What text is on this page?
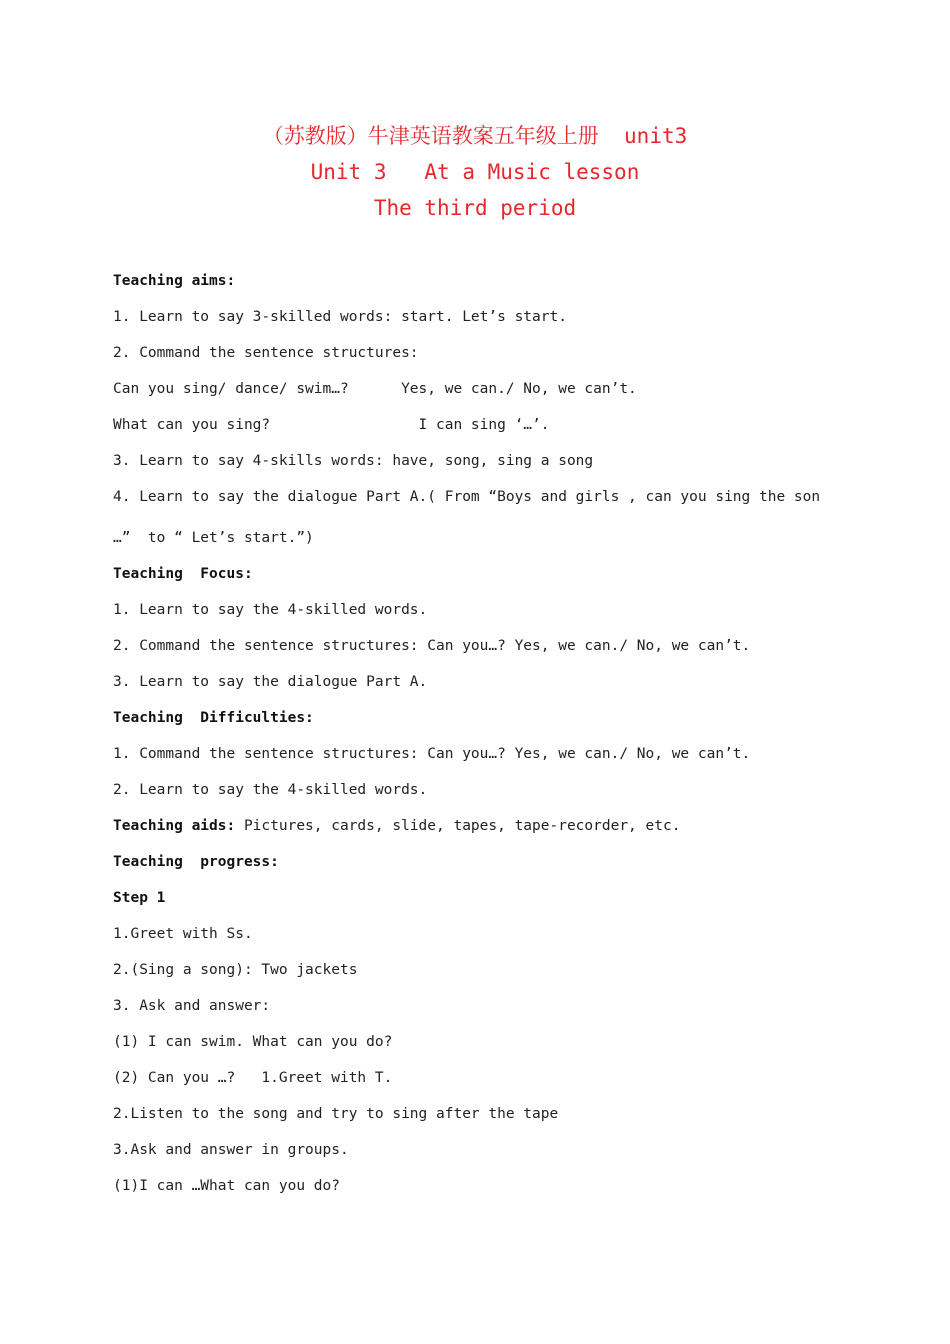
（苏教版）牛津英语教案五年级上册  unit3
Unit 3   At a Music lesson
The third period
Teaching aims:
1. Learn to say 3-skilled words: start. Let’s start.
2. Command the sentence structures:
Can you sing/ dance/ swim…?      Yes, we can./ No, we can’t.
What can you sing?                 I can sing ‘…’.
3. Learn to say 4-skills words: have, song, sing a song
4. Learn to say the dialogue Part A.( From “Boys and girls , can you sing the son
…”  to “ Let’s start.”)
Teaching  Focus:
1. Learn to say the 4-skilled words.
2. Command the sentence structures: Can you…? Yes, we can./ No, we can’t.
3. Learn to say the dialogue Part A.
Teaching  Difficulties:
1. Command the sentence structures: Can you…? Yes, we can./ No, we can’t.
2. Learn to say the 4-skilled words.
Teaching aids: Pictures, cards, slide, tapes, tape-recorder, etc.
Teaching  progress:
Step 1
1.Greet with Ss.
2.(Sing a song): Two jackets
3. Ask and answer:
(1) I can swim. What can you do?
(2) Can you …?   1.Greet with T.
2.Listen to the song and try to sing after the tape
3.Ask and answer in groups.
(1)I can …What can you do?
